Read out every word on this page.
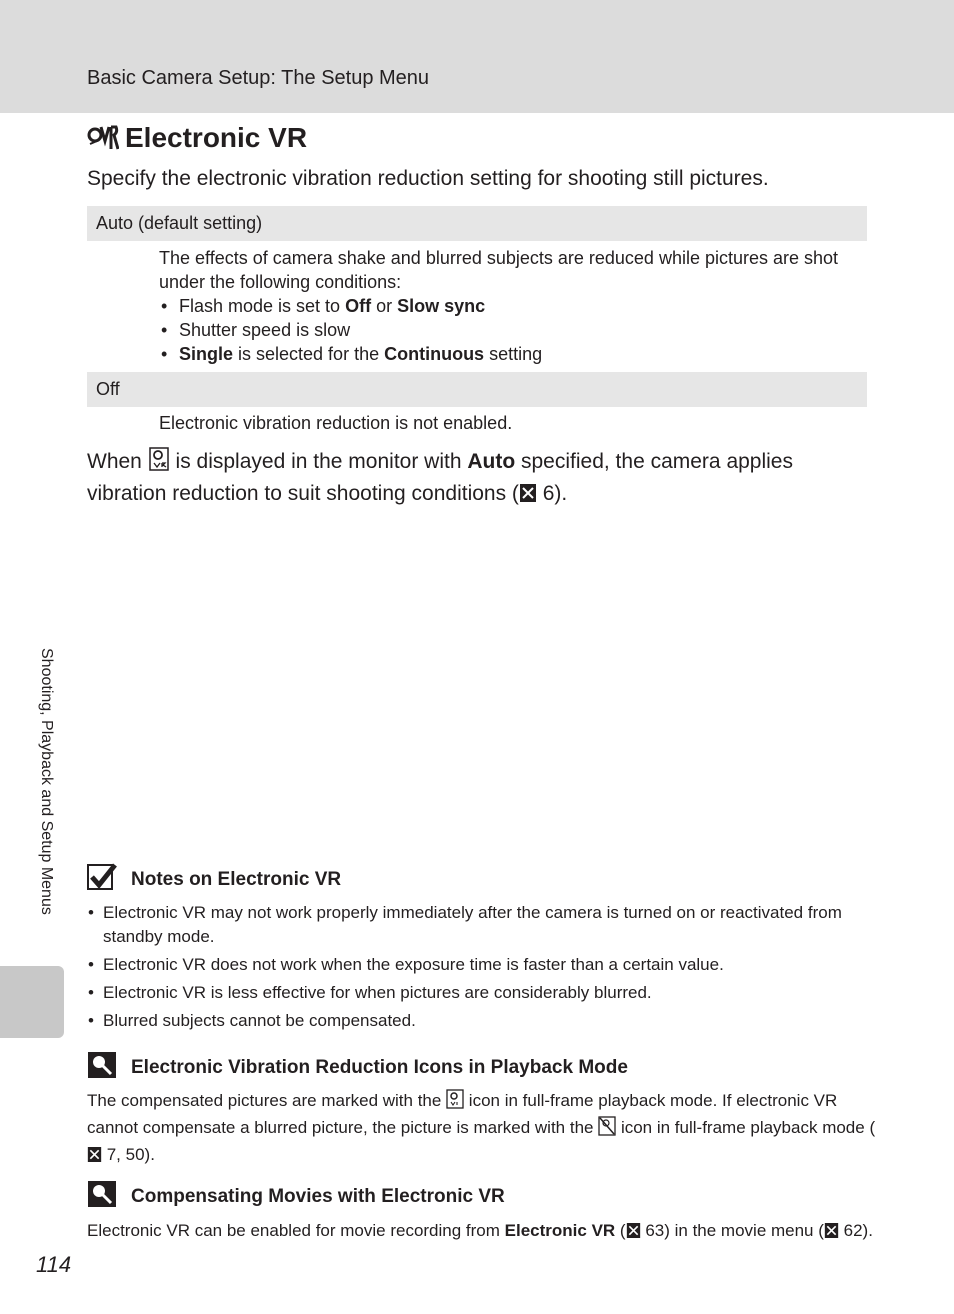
Basic Camera Setup: The Setup Menu
Shooting, Playback and Setup Menus
Electronic VR
Specify the electronic vibration reduction setting for shooting still pictures.
Auto (default setting)
The effects of camera shake and blurred subjects are reduced while pictures are shot under the following conditions:
• Flash mode is set to Off or Slow sync
• Shutter speed is slow
• Single is selected for the Continuous setting
Off
Electronic vibration reduction is not enabled.
When  is displayed in the monitor with Auto specified, the camera applies vibration reduction to suit shooting conditions ( 6).
Notes on Electronic VR
• Electronic VR may not work properly immediately after the camera is turned on or reactivated from standby mode.
• Electronic VR does not work when the exposure time is faster than a certain value.
• Electronic VR is less effective for when pictures are considerably blurred.
• Blurred subjects cannot be compensated.
Electronic Vibration Reduction Icons in Playback Mode
The compensated pictures are marked with the  icon in full-frame playback mode. If electronic VR cannot compensate a blurred picture, the picture is marked with the  icon in full-frame playback mode ( 7, 50).
Compensating Movies with Electronic VR
Electronic VR can be enabled for movie recording from Electronic VR ( 63) in the movie menu ( 62).
114
